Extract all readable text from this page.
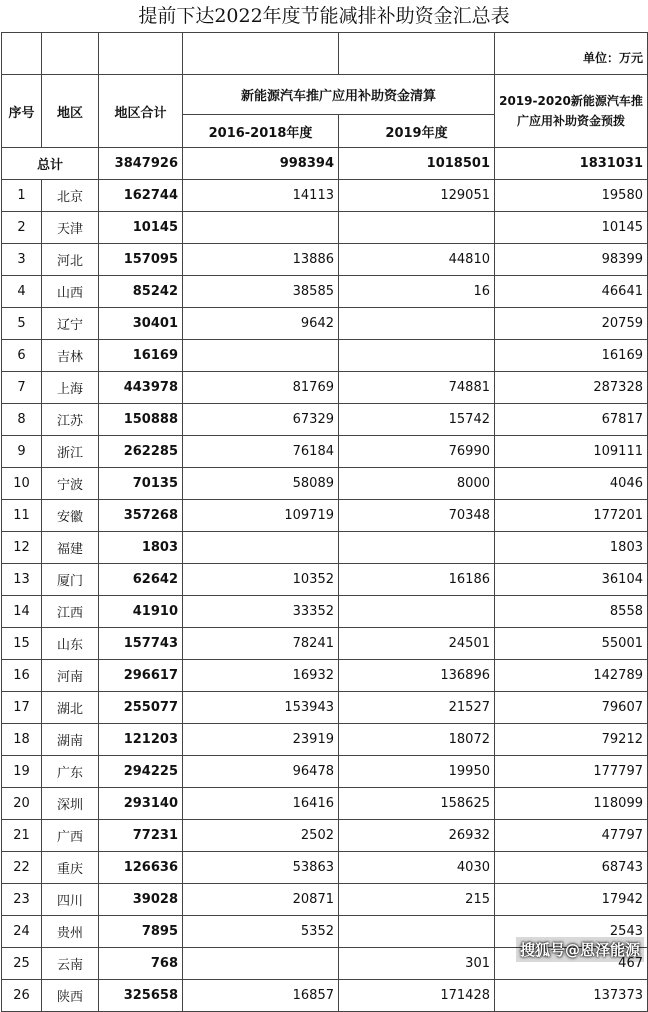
提前下达2022年度节能减排补助资金汇总表
					单位：万元
序号	地区	地区合计	新能源汽车推广应用补助资金清算		2019-2020新能源汽车推广应用补助资金预拨
			2016-2018年度	2019年度	
总计		3847926	998394	1018501	1831031
1	北京	162744	14113	129051	19580
2	天津	10145			10145
3	河北	157095	13886	44810	98399
4	山西	85242	38585	16	46641
5	辽宁	30401	9642		20759
6	吉林	16169			16169
7	上海	443978	81769	74881	287328
8	江苏	150888	67329	15742	67817
9	浙江	262285	76184	76990	109111
10	宁波	70135	58089	8000	4046
11	安徽	357268	109719	70348	177201
12	福建	1803			1803
13	厦门	62642	10352	16186	36104
14	江西	41910	33352		8558
15	山东	157743	78241	24501	55001
16	河南	296617	16932	136896	142789
17	湖北	255077	153943	21527	79607
18	湖南	121203	23919	18072	79212
19	广东	294225	96478	19950	177797
20	深圳	293140	16416	158625	118099
21	广西	77231	2502	26932	47797
22	重庆	126636	53863	4030	68743
23	四川	39028	20871	215	17942
24	贵州	7895	5352		2543
25	云南	768		301	467
26	陕西	325658	16857	171428	137373
搜狐号@恩泽能源
